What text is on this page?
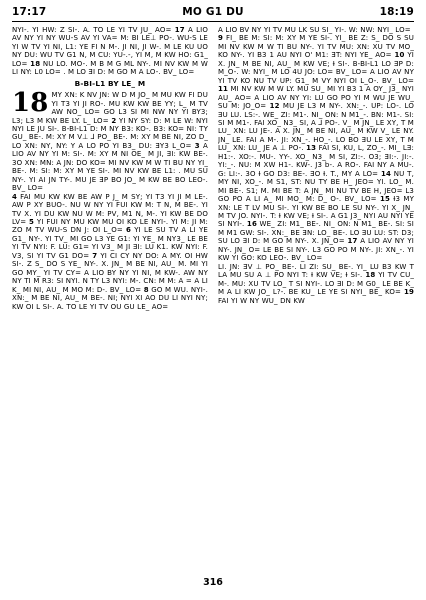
17:17	MO G1 DU	18:19

NYI-. YI HW: Z SI-. A. TO LE YI TV JU_ AO= 17 A LIO AV NY YI NY WU-S AV YI VA= M: BI LE⊥ PO-. WU-S LE YI W TV YI NI, L1: YE FI N M-. JI NI, JI W-. M LE KU UO NY DU: WU TV G1 N, M CU: YU-.-, YI M, M KW HO: G1_ LO= 18 NU LO. MO-. M B M G ML NY-. MI NV KW M W LI NY: L0 LO= . M LO ƎI D: M GO M A LO-. BV_ LO=

B-BI-L1 BY LE_ M

18 MY XN: K NV JN: W D M JO_ M MU KW FI DU YI T3 YI JI RO-. MU KW KW BE YY; L_ M TV AW NO_ LO= GO L3 SI MI NW NY YI BY3; L3; L3 M KW BE LY. L_ LO= 2 YI NY SY: D: M LE W: NYI NYI LE JU SI-. B-BI-L1 D: M NY B3: KO-. B3: KO= NI: TY GU_ BE-. M: XY M V⊥ ⅃ PO_ BE-. M: XY M BE NI, ZO D_ LO XN: NY, NY: Y A LO PO YI B3_ DU: ƎY3 L_O= 3 A LIO AV NY YI M: SI-. M: XY M NI OE_ M JI, ƎI: KW BE-. 3O XN: MN: A JN: DO KO= MI NV KW M W TI BU NY YI_ BE-. M: SI: M: XY M YE SI-. MI NV KW BE L1: . MU SU NY-. YI AI JN TY-. MU JE ƎP BO JO_ M KW BE BO LEO-. BV_ LO=

4 FAI MU KW KW BE AW P J_ M SY; YI T3 YI JI M LE-. AW P XY BUO-. NU W NY YI FUI KW M: T N, M BE-. YI TV X. YI DU KW NU W M: PV, M1 N, M-. YI KW BE DO LV= 5 YI FUI NY MU KW MU OI KO LE NYI-. YI M: JI M: ZO M TV WU-S DN J: OI L_O= 6 YI LE SU TV A LI YE G1_ NY-. YI TV_ MI GO L3 YE G1: YI YE_ M NY3_ LE BE YI TV NYI: F. LU: G1= YI V3_ M JI ƎI: LU K1. KW NYI: F. V3, SI YI TV G1 DO= 7 YI CI CY NY DO: A MY. OI HW SI-. Z S_ DO S YE_ NY-. X. JN_ M BE NI, AU_ M. MI YI GO MY_ YI TV CY= A LIO BY NY YI NI, M KW-. AW NY NY TI M R3: SI NYI. N TY L3 NYI: M-. CN: M M: A = A LI K_ MI NI, AU_ M MO M: D-. BV_ LO= 8 GO M WU. NYI-. XN:_ M BE NI, AU_ M BE-. NI; NYI XI AO DU LI NYI NY; KW OI L SI-. A. TO LE YI TV OU GU LE_ AO=

A LIO BV NY YI TV MU LK SU SI_ YI-. W: NW: NYI_ LO=

9 FI_ BE M: SI: M: XY M YE SI-. YI_ BE Z: S_ DO S SU MI NV KW M W TI BU NY-. YI TV MU: XN: XU TV MO_ KO NY-. YI B3 1 AU NYI O' M1: ƎT: NYI YE_ AO= 10 YI X. JN_ M BE NI, AU_ M KW VE; Ɨ SI-. B-BI-L1 LO ƎP D: M_O-. W: NYI_ M LO 4U JO: LO= BV_ LO= A LIO AV NY YI TV KO NU TV UP: G1_ M VY NYI OI L_O-. BV_ LO= 11 MI NV KW M W LY. MU SU_ MI YI B3 1 A OY_ J3_ NYI AU_ AO= A LIO AV NY YI: LU GO PO YI M WU JE WU_ SU M: JO_O= 12 MU JE L3 M NY-. XN:_-. UP: LO-. LO ƎU LU. LS:-. WE_ ZI: M1-. NI_ ON: N M1_-. BN: M1-. SI: SI M M1-. FAI XO_ N3_ SI, A ⅃ PO-. V_ M JN_ LE XY, T M LU_ XN: LU JE-. A X. JN_ M BE NI, AU_ M KW V_ LE NY. JN_ LE. FAI A M-. JI: XN_-. HO_-. LO BO ƎU LE XY, T M LU_ XN: LU_ JE A ⊥ PO-. 13 FAI SI, KU, L, ZO_-. MI_ LƎ: H1:-. XO:-. MU-. YY-. XO_ N3_ M SI, ZI:-. O3; ƎI:-. JI:-. YI:_-. NU: M XW H1-. KW-. J3 b-. A RO-. FAI NY A MU-. G: LI:-. 3O Ɨ GO D3: BE-. ƎO Ɨ. T., MY A LO= 14 NU T, MY NI, XO_-. M S1, ST: NU TY BE H_ JEO= YI. LO_ M. MI BE-. S1; M. MI BE T: A JN_ MI NU TV BE H, JEO= L3 GO PO A LI A_ MI MO_ M: D_ O-. BV_ LO= 15 Ɨ3 MY XN: LE T LV MU SI-. YI KW BE BO LE SU NY-. YI X_ JN_ M TV JO. NYI-. T: Ɨ KW VE; Ɨ SI-. A G1 J3_ NYI AU NYI YE SI NYI-. 16 WE_ ZI: M1_ BE-. NI_ ON: N M1_ BE-. SI: SI M M1 GW: SI-. XN:_ BE ƎN: LO_ BE-. LO ƎU LU: ST: D3; SU LO ƎI D: M GO M NY-. X. JN_O= 17 A LIO AV NY YI NY-. JN_ O= LE BE SI NY-. L3 GO PO M NY-. JI: XN_-. YI KW YI GO: KO LEO-. BV_ LO=

LI. JN: ƎV ⊥ PO_ BE-. LI ZI: SU_ BE-. YI_ LU B3 KW T LA MU SU A ⊥ PO NYI T: Ɨ KW VE; Ɨ SI-. 18 YI TV CU_ M-. MU: XU TV LO_ T SI NYI-. LO ƎI D: M G0_ LE BE K_ M A LI KW JO_ L?-. BE KU_ LE YE SI NYI_ BE_ KO= 19 FAI YI W NY WU_ DN KW

316
